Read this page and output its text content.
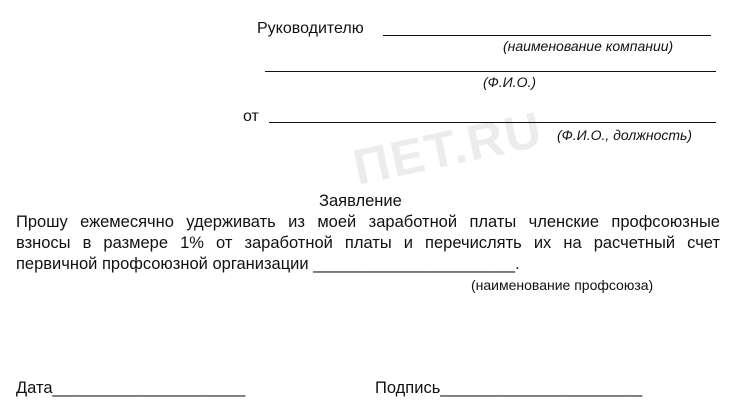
ПЕТ.RU
Руководителю
(наименование компании)
(Ф.И.О.)
от
(Ф.И.О., должность)
Заявление
Прошу ежемесячно удерживать из моей заработной платы членские профсоюзные
взносы в размере 1% от заработной платы и перечислять их на расчетный счет
первичной профсоюзной организации ______________________.
(наименование профсоюза)
Дата_____________________	Подпись______________________
